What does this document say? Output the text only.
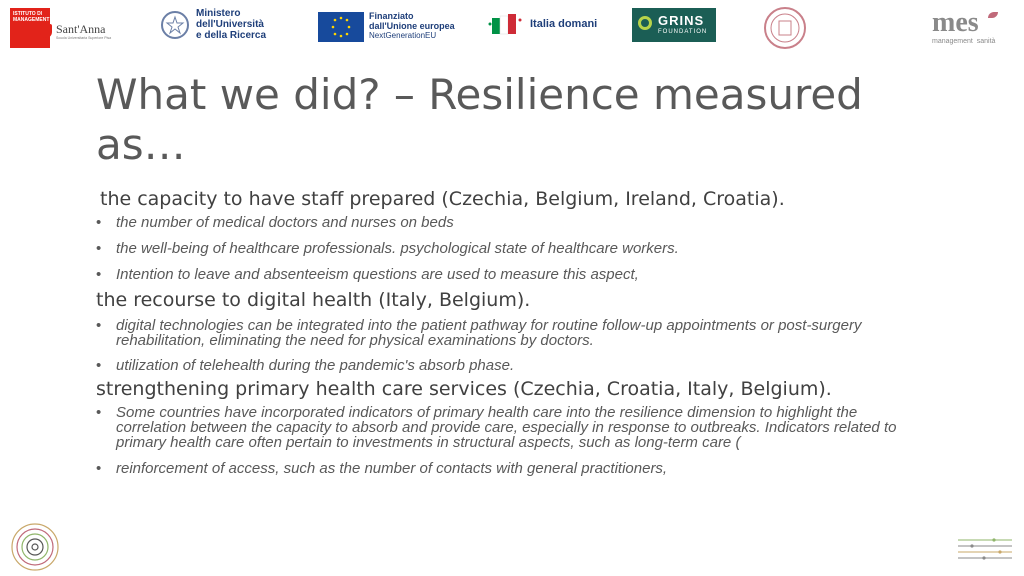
ISTITUTO DI MANAGEMENT
Sant'Anna
Scuola Universitaria Superiore Pisa
Ministero
dell'Università
e della Ricerca
Finanziato
dall'Unione europea
NextGenerationEU
Italia domani	GRINS
FOUNDATION	mes
management  sanità
What we did? – Resilience measured as…

the capacity to have staff prepared (Czechia, Belgium, Ireland, Croatia).

• the number of medical doctors and nurses on beds
• the well-being of healthcare professionals. psychological state of healthcare workers.
• Intention to leave and absenteeism questions are used to measure this aspect,

the recourse to digital health (Italy, Belgium).

• digital technologies can be integrated into the patient pathway for routine follow-up appointments or post-surgery rehabilitation, eliminating the need for physical examinations by doctors.
• utilization of telehealth during the pandemic's absorb phase.

strengthening primary health care services (Czechia, Croatia, Italy, Belgium).

• Some countries have incorporated indicators of primary health care into the resilience dimension to highlight the correlation between the capacity to absorb and provide care, especially in response to outbreaks. Indicators related to primary health care often pertain to investments in structural aspects, such as long-term care (
• reinforcement of access, such as the number of contacts with general practitioners,
